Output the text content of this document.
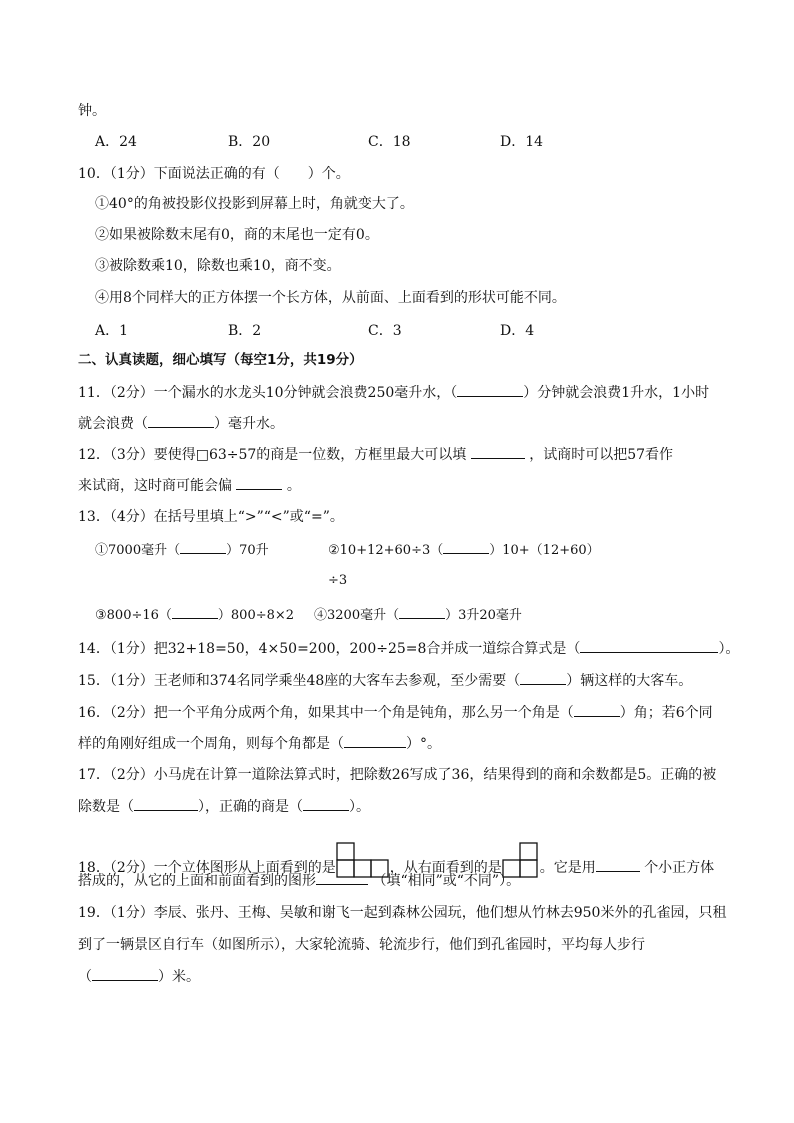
钟。
A．24	B．20	C．18	D．14
10．（1分）下面说法正确的有（　　）个。
①40°的角被投影仪投影到屏幕上时，角就变大了。
②如果被除数末尾有0，商的末尾也一定有0。
③被除数乘10，除数也乘10，商不变。
④用8个同样大的正方体摆一个长方体，从前面、上面看到的形状可能不同。
A．1	B．2	C．3	D．4
二、认真读题，细心填写（每空1分，共19分）
11．（2分）一个漏水的水龙头10分钟就会浪费250毫升水，（	）分钟就会浪费1升水，1小时
就会浪费（	）毫升水。
12．（3分）要使得□63÷57的商是一位数，方框里最大可以填	，试商时可以把57看作
来试商，这时商可能会偏	。
13．（4分）在括号里填上“>”“<”或“=”。
①7000毫升（	）70升	②10+12+60÷3（	）10+（12+60）
÷3
③800÷16（	）800÷8×2 ④3200毫升（	）3升20毫升
14．（1分）把32+18=50，4×50=200，200÷25=8合并成一道综合算式是（	）。
15．（1分）王老师和374名同学乘坐48座的大客车去参观，至少需要（	）辆这样的大客车。
16．（2分）把一个平角分成两个角，如果其中一个角是钝角，那么另一个角是（	）角；若6个同
样的角刚好组成一个周角，则每个角都是（	）°。
17．（2分）小马虎在计算一道除法算式时，把除数26写成了36，结果得到的商和余数都是5。正确的被
除数是（	），正确的商是（	）。
18．（2分）一个立体图形从上面看到的是	，从右面看到的是	。它是用	个小正方体
搭成的，从它的上面和前面看到的图形	（填“相同”或“不同”）。
19．（1分）李辰、张丹、王梅、吴敏和谢飞一起到森林公园玩，他们想从竹林去950米外的孔雀园，只租
到了一辆景区自行车（如图所示），大家轮流骑、轮流步行，他们到孔雀园时，平均每人步行
（	）米。
